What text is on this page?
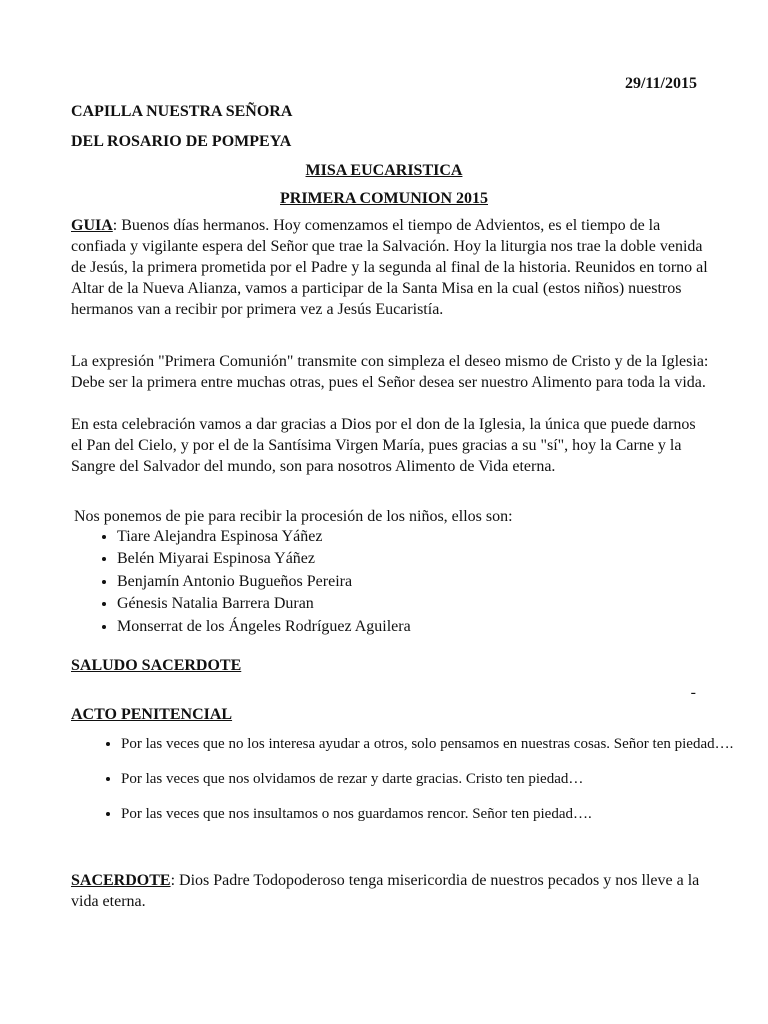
29/11/2015
CAPILLA NUESTRA SEÑORA
DEL ROSARIO DE POMPEYA
MISA EUCARISTICA
PRIMERA COMUNION 2015
GUIA: Buenos días hermanos. Hoy comenzamos el tiempo de Advientos, es el tiempo de la confiada y vigilante espera del Señor que trae la Salvación. Hoy la liturgia nos trae la doble venida de Jesús, la primera prometida por el Padre y la segunda al final de la historia. Reunidos en torno al Altar de la Nueva Alianza, vamos a participar de la Santa Misa en la cual (estos niños) nuestros hermanos van a recibir por primera vez a Jesús Eucaristía.
La expresión "Primera Comunión" transmite con simpleza el deseo mismo de Cristo y de la Iglesia: Debe ser la primera entre muchas otras, pues el Señor desea ser nuestro Alimento para toda la vida.
En esta celebración vamos a dar gracias a Dios por el don de la Iglesia, la única que puede darnos el Pan del Cielo, y por el de la Santísima Virgen María, pues gracias a su "sí", hoy la Carne y la Sangre del Salvador del mundo, son para nosotros Alimento de Vida eterna.
Nos ponemos de pie para recibir la procesión de los niños, ellos son:
• Tiare Alejandra Espinosa Yáñez
• Belén Miyarai Espinosa Yáñez
• Benjamín Antonio Bugueños Pereira
• Génesis Natalia Barrera Duran
• Monserrat de los Ángeles Rodríguez Aguilera
SALUDO SACERDOTE
-
ACTO PENITENCIAL
• Por las veces que no los interesa ayudar a otros, solo pensamos en nuestras cosas. Señor ten piedad….
• Por las veces que nos olvidamos de rezar y darte gracias. Cristo ten piedad…
• Por las veces que nos insultamos o nos guardamos rencor. Señor ten piedad….
SACERDOTE: Dios Padre Todopoderoso tenga misericordia de nuestros pecados y nos lleve a la vida eterna.
